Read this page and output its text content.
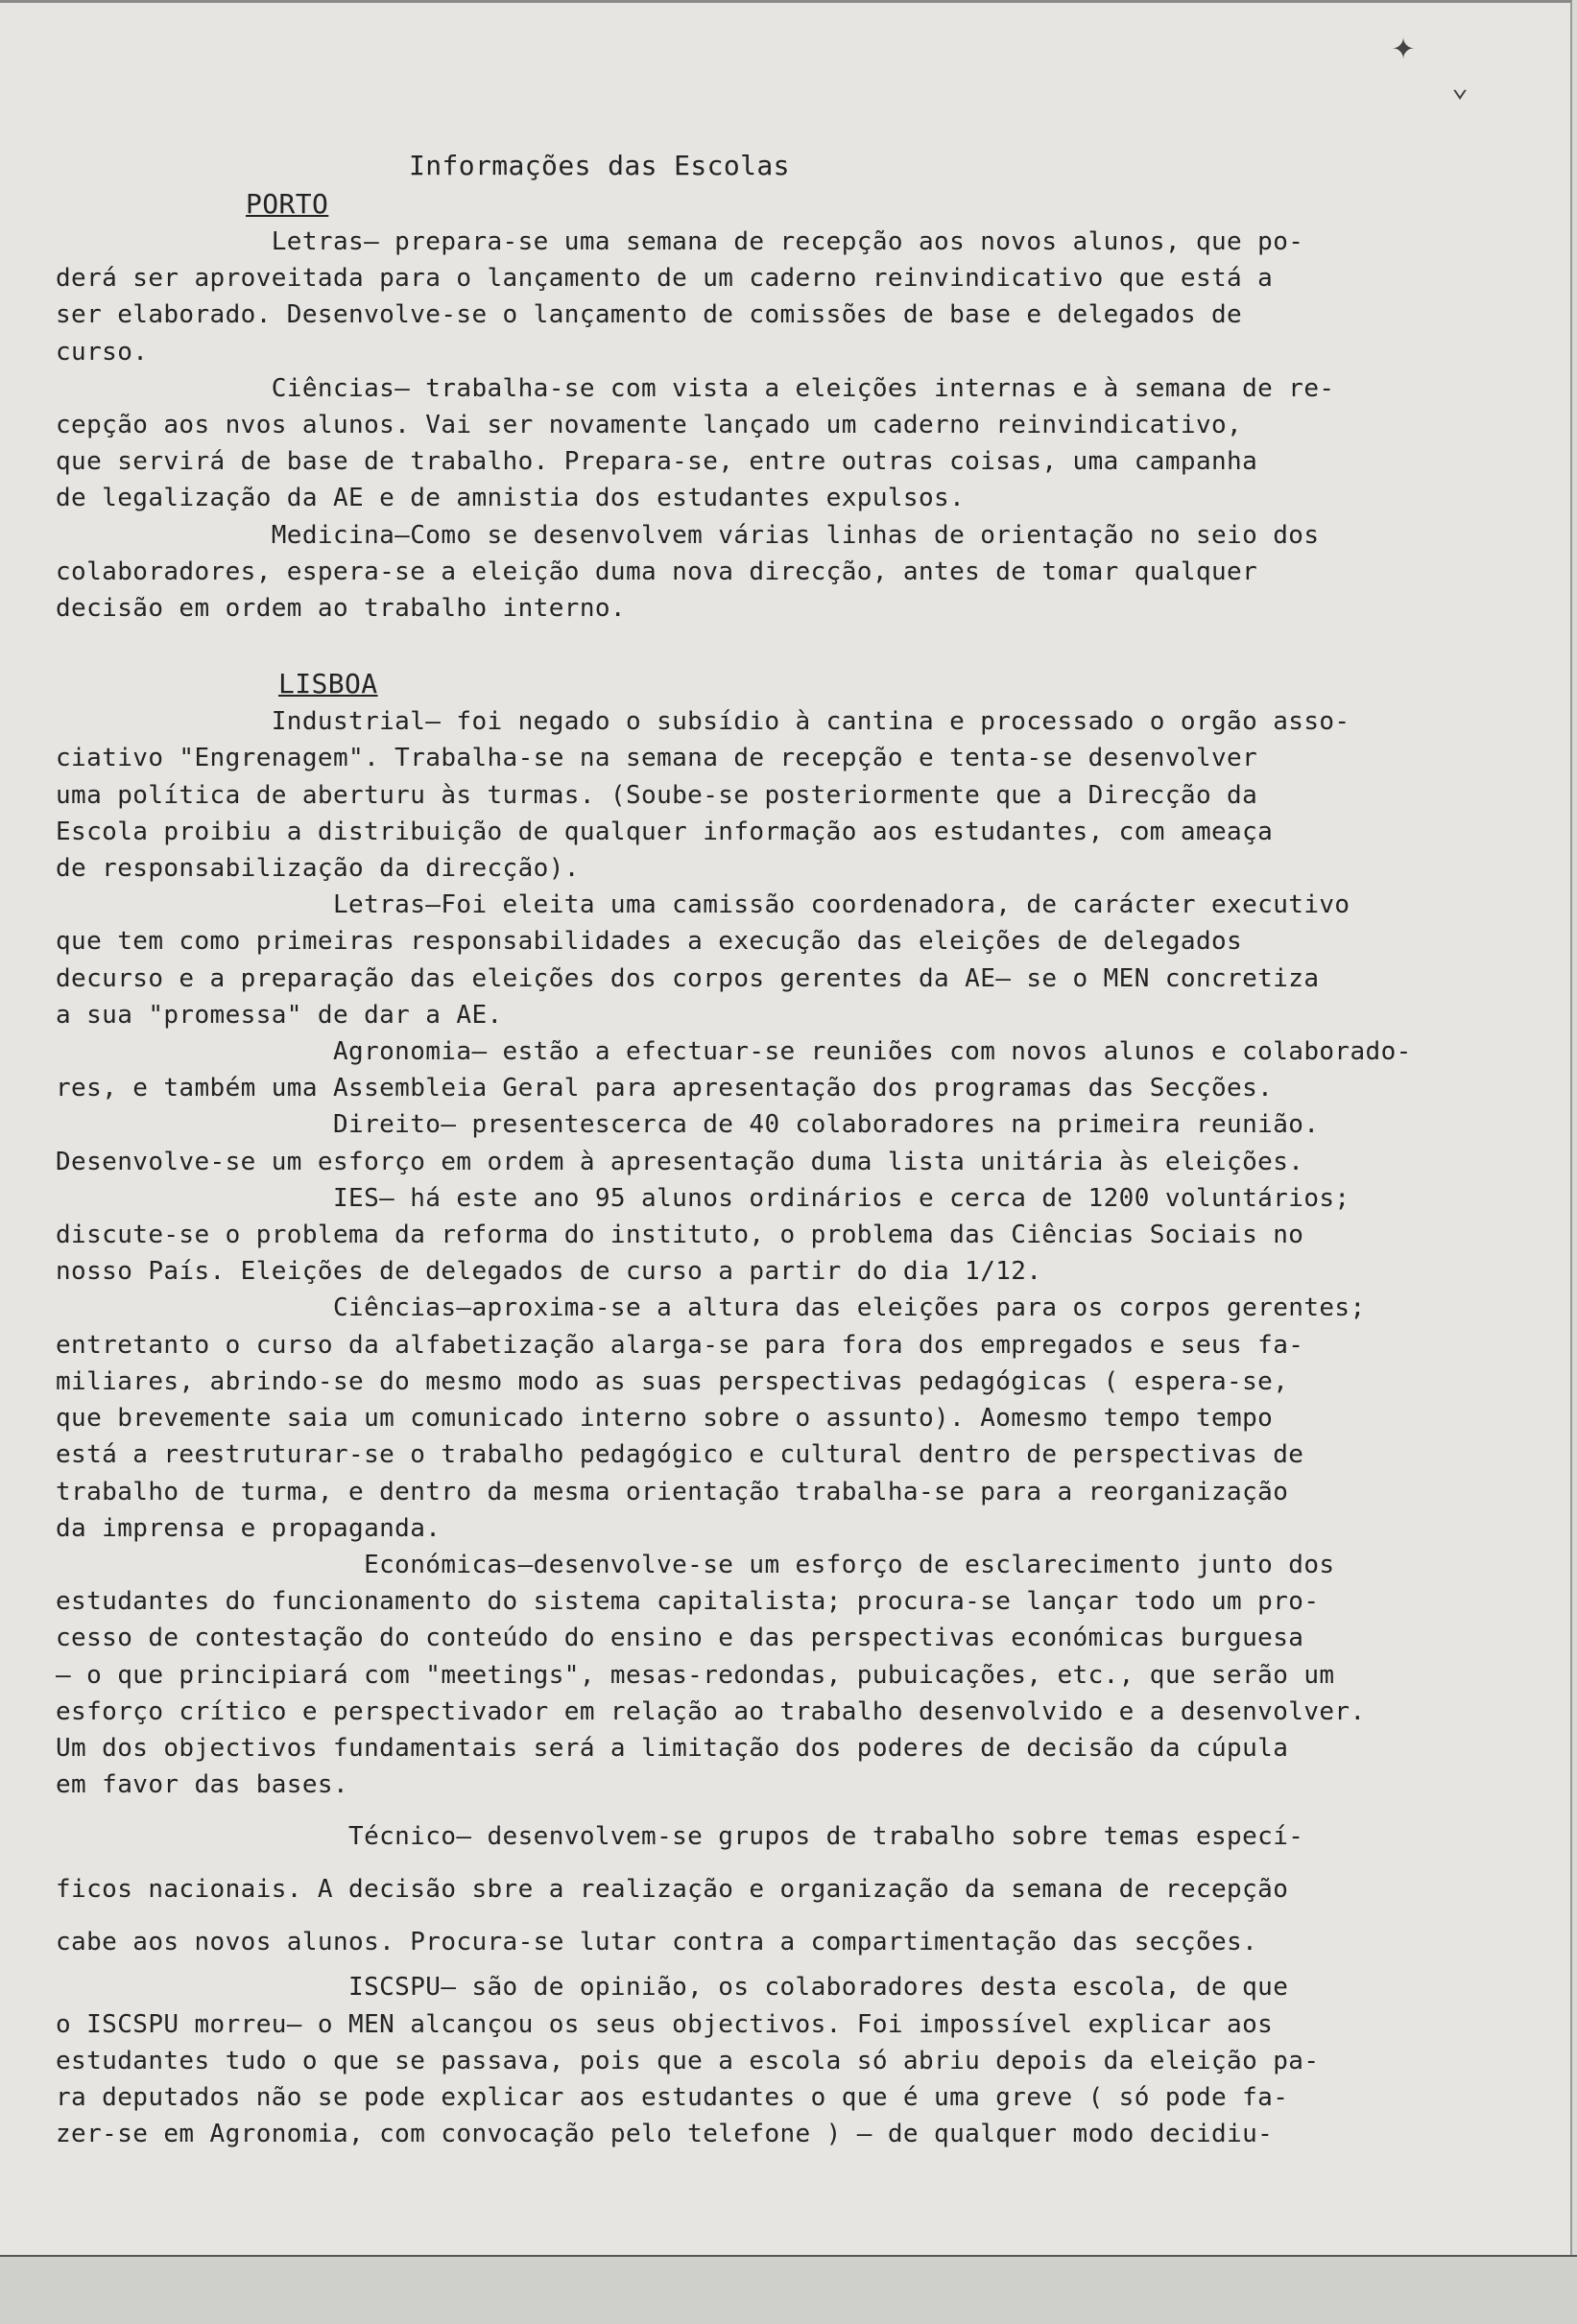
✦
⌄

Informações das Escolas

PORTO

Letras— prepara-se uma semana de recepção aos novos alunos, que po-

derá ser aproveitada para o lançamento de um caderno reinvindicativo que está a

ser elaborado. Desenvolve-se o lançamento de comissões de base e delegados de

curso.

Ciências— trabalha-se com vista a eleições internas e à semana de re-

cepção aos nvos alunos. Vai ser novamente lançado um caderno reinvindicativo,

que servirá de base de trabalho. Prepara-se, entre outras coisas, uma campanha

de legalização da AE e de amnistia dos estudantes expulsos.

Medicina—Como se desenvolvem várias linhas de orientação no seio dos

colaboradores, espera-se a eleição duma nova direcção, antes de tomar qualquer

decisão em ordem ao trabalho interno.

LISBOA

Industrial— foi negado o subsídio à cantina e processado o orgão asso-

ciativo "Engrenagem". Trabalha-se na semana de recepção e tenta-se desenvolver

uma política de aberturu às turmas. (Soube-se posteriormente que a Direcção da

Escola proibiu a distribuição de qualquer informação aos estudantes, com ameaça

de responsabilização da direcção).

Letras—Foi eleita uma camissão coordenadora, de carácter executivo

que tem como primeiras responsabilidades a execução das eleições de delegados

decurso e a preparação das eleições dos corpos gerentes da AE— se o MEN concretiza

a sua "promessa" de dar a AE.

Agronomia— estão a efectuar-se reuniões com novos alunos e colaborado-

res, e também uma Assembleia Geral para apresentação dos programas das Secções.

Direito— presentescerca de 40 colaboradores na primeira reunião.

Desenvolve-se um esforço em ordem à apresentação duma lista unitária às eleições.

IES— há este ano 95 alunos ordinários e cerca de 1200 voluntários;

discute-se o problema da reforma do instituto, o problema das Ciências Sociais no

nosso País. Eleições de delegados de curso a partir do dia 1/12.

Ciências—aproxima-se a altura das eleições para os corpos gerentes;

entretanto o curso da alfabetização alarga-se para fora dos empregados e seus fa-

miliares, abrindo-se do mesmo modo as suas perspectivas pedagógicas ( espera-se,

que brevemente saia um comunicado interno sobre o assunto). Aomesmo tempo tempo

está a reestruturar-se o trabalho pedagógico e cultural dentro de perspectivas de

trabalho de turma, e dentro da mesma orientação trabalha-se para a reorganização

da imprensa e propaganda.

Económicas—desenvolve-se um esforço de esclarecimento junto dos

estudantes do funcionamento do sistema capitalista; procura-se lançar todo um pro-

cesso de contestação do conteúdo do ensino e das perspectivas económicas burguesa

— o que principiará com "meetings", mesas-redondas, pubuicações, etc., que serão um

esforço crítico e perspectivador em relação ao trabalho desenvolvido e a desenvolver.

Um dos objectivos fundamentais será a limitação dos poderes de decisão da cúpula

em favor das bases.

Técnico— desenvolvem-se grupos de trabalho sobre temas especí-

ficos nacionais. A decisão sbre a realização e organização da semana de recepção

cabe aos novos alunos. Procura-se lutar contra a compartimentação das secções.

ISCSPU— são de opinião, os colaboradores desta escola, de que

o ISCSPU morreu— o MEN alcançou os seus objectivos. Foi impossível explicar aos

estudantes tudo o que se passava, pois que a escola só abriu depois da eleição pa-

ra deputados não se pode explicar aos estudantes o que é uma greve ( só pode fa-

zer-se em Agronomia, com convocação pelo telefone ) — de qualquer modo decidiu-
